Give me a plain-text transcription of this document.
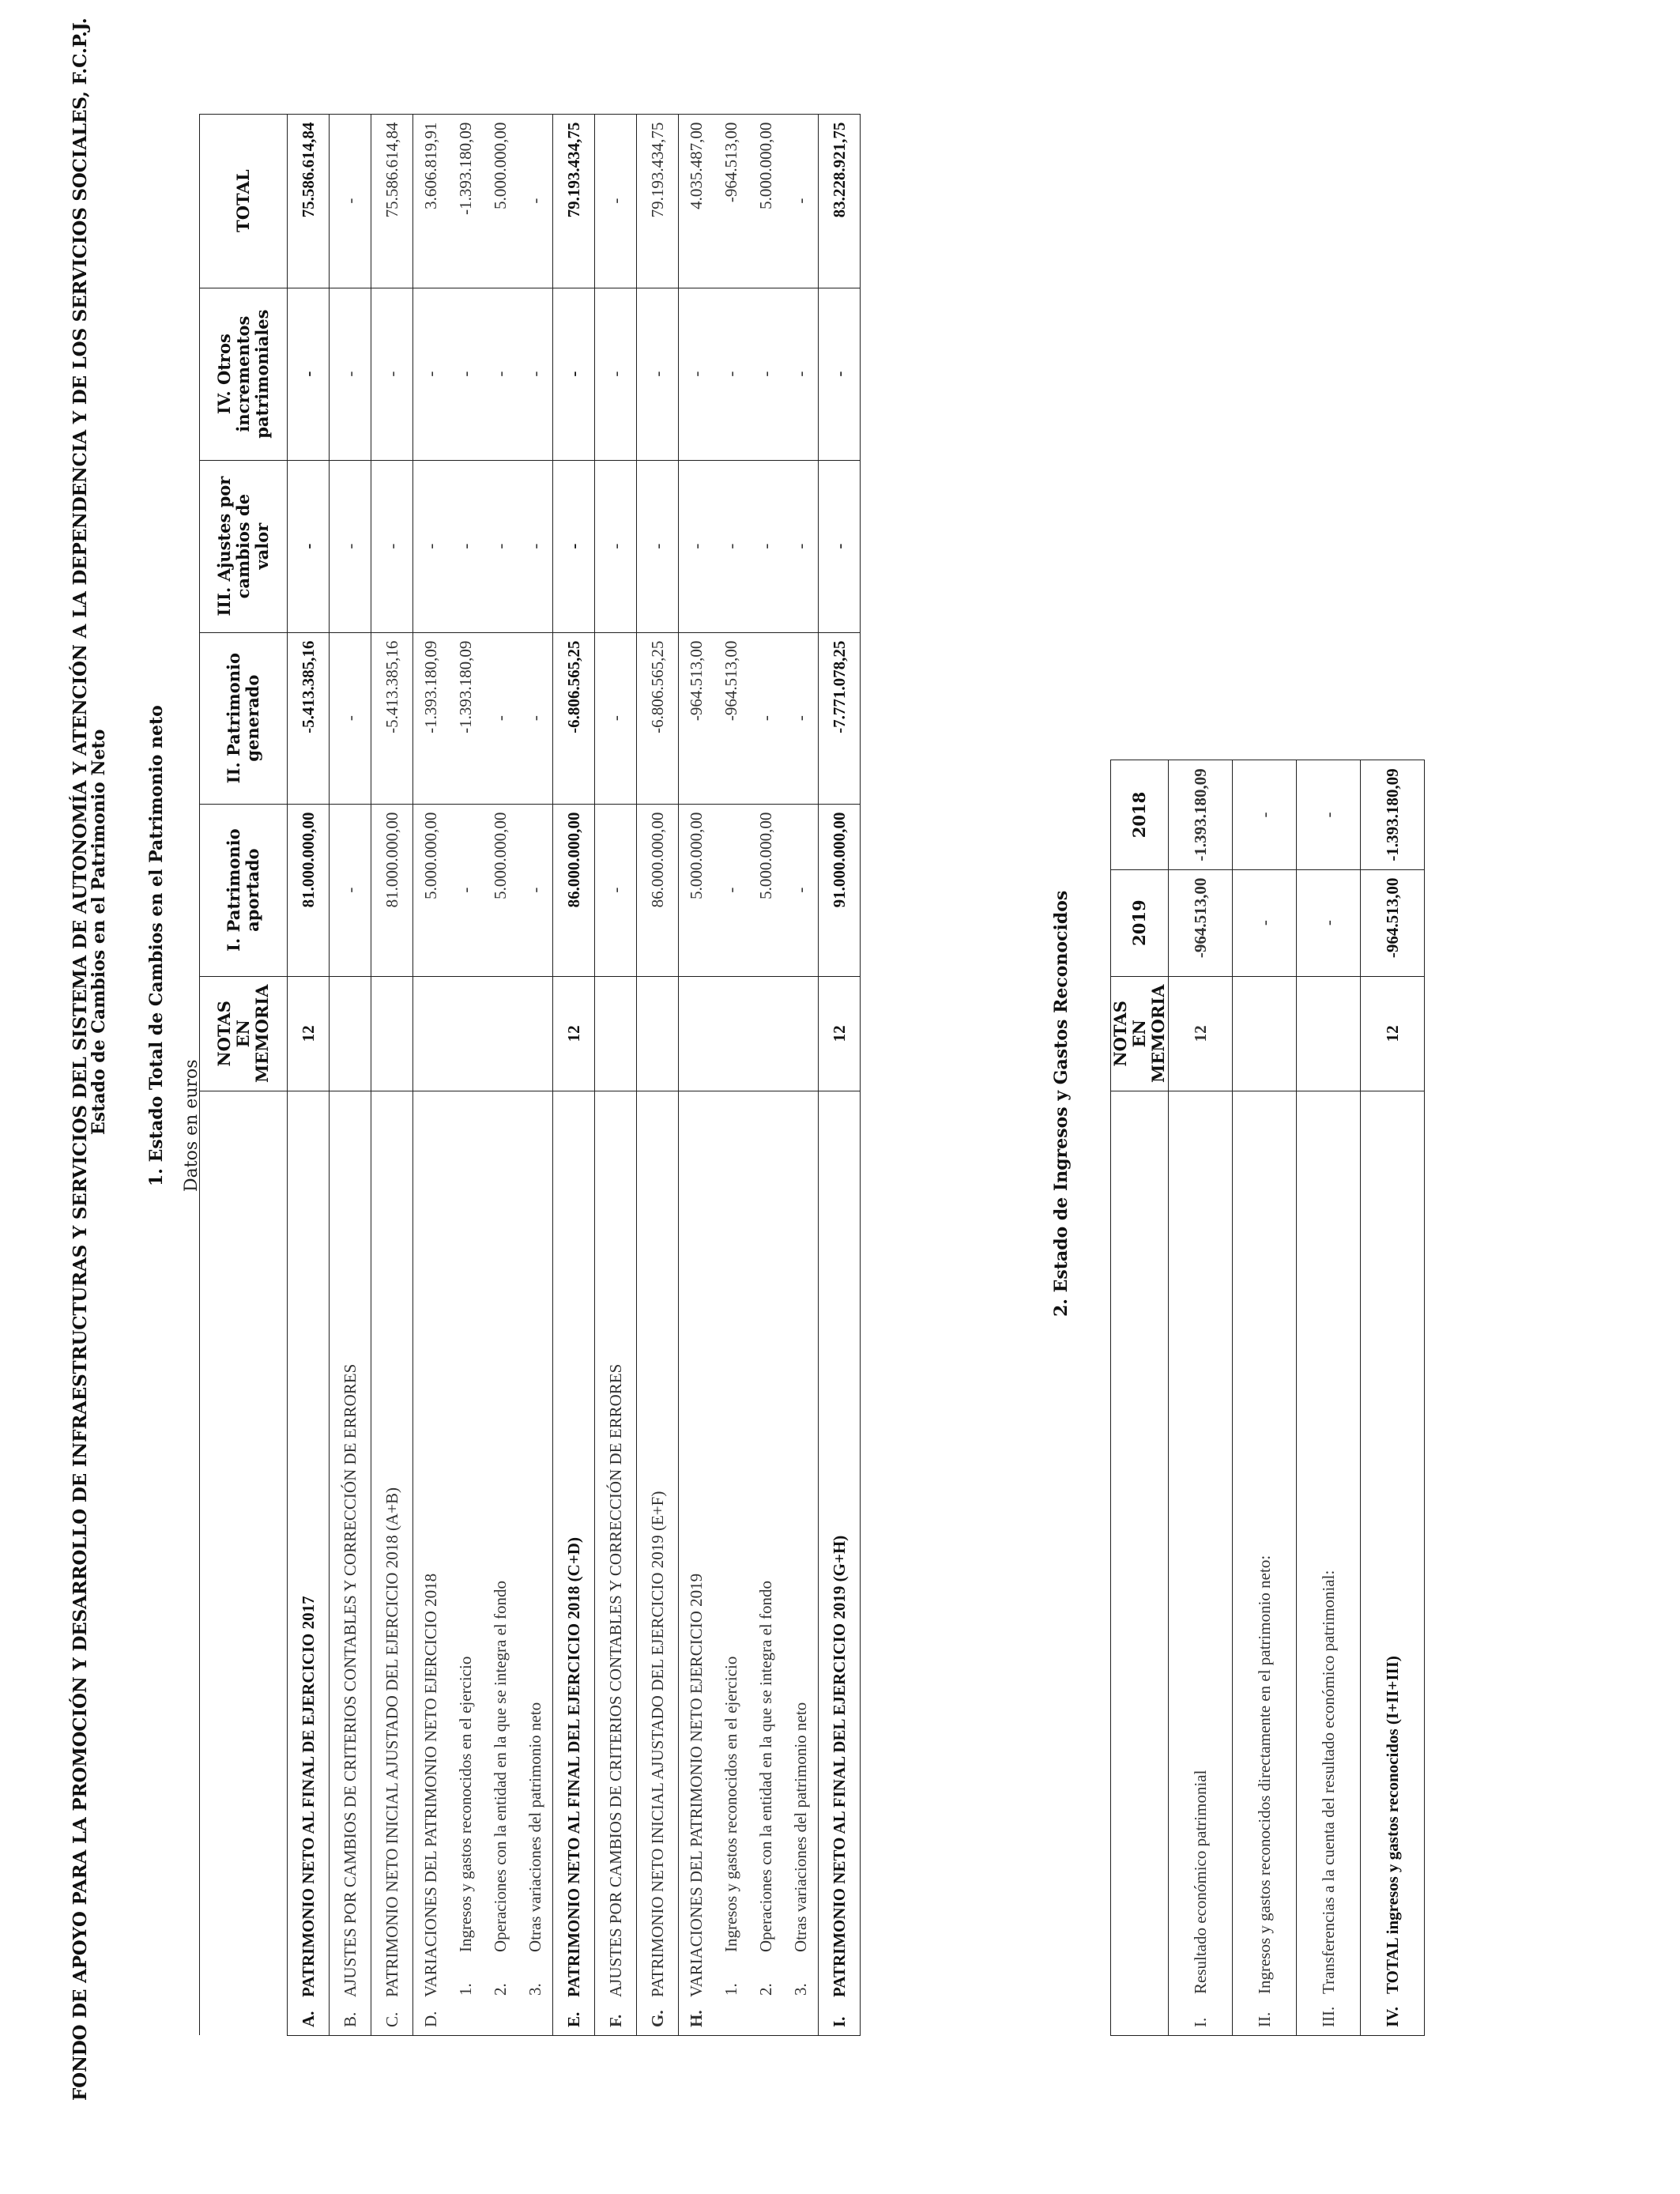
FONDO DE APOYO PARA LA PROMOCIÓN Y DESARROLLO DE INFRAESTRUCTURAS Y SERVICIOS DEL SISTEMA DE AUTONOMÍA Y ATENCIÓN A LA DEPENDENCIA Y DE LOS SERVICIOS SOCIALES, F.C.P.J.
Estado de Cambios en el Patrimonio Neto 1. Estado Total de Cambios en el Patrimonio neto Datos en euros
	NOTAS EN MEMORIA	I. Patrimonio aportado	II. Patrimonio generado	III. Ajustes por cambios de valor	IV. Otros incrementos patrimoniales	TOTAL
A.PATRIMONIO NETO AL FINAL DE EJERCICIO 2017	12	81.000.000,00	-5.413.385,16	-	-	75.586.614,84
B.AJUSTES POR CAMBIOS DE CRITERIOS CONTABLES Y CORRECCIÓN DE ERRORES		-	-	-	-	-
C.PATRIMONIO NETO INICIAL AJUSTADO DEL EJERCICIO 2018 (A+B)		81.000.000,00	-5.413.385,16	-	-	75.586.614,84
D.VARIACIONES DEL PATRIMONIO NETO EJERCICIO 2018		5.000.000,00	-1.393.180,09	-	-	3.606.819,91
1.Ingresos y gastos reconocidos en el ejercicio		-	-1.393.180,09	-	-	-1.393.180,09
2.Operaciones con la entidad en la que se integra el fondo		5.000.000,00	-	-	-	5.000.000,00
3.Otras variaciones del patrimonio neto		-	-	-	-	-
E.PATRIMONIO NETO AL FINAL DEL EJERCICIO 2018 (C+D)	12	86.000.000,00	-6.806.565,25	-	-	79.193.434,75
F.AJUSTES POR CAMBIOS DE CRITERIOS CONTABLES Y CORRECCIÓN DE ERRORES		-	-	-	-	-
G.PATRIMONIO NETO INICIAL AJUSTADO DEL EJERCICIO 2019 (E+F)		86.000.000,00	-6.806.565,25	-	-	79.193.434,75
H.VARIACIONES DEL PATRIMONIO NETO EJERCICIO 2019		5.000.000,00	-964.513,00	-	-	4.035.487,00
1.Ingresos y gastos reconocidos en el ejercicio		-	-964.513,00	-	-	-964.513,00
2.Operaciones con la entidad en la que se integra el fondo		5.000.000,00	-	-	-	5.000.000,00
3.Otras variaciones del patrimonio neto		-	-	-	-	-
I.PATRIMONIO NETO AL FINAL DEL EJERCICIO 2019 (G+H)	12	91.000.000,00	-7.771.078,25	-	-	83.228.921,75
2. Estado de Ingresos y Gastos Reconocidos
	NOTAS EN MEMORIA	2019	2018
I.Resultado económico patrimonial	12	-964.513,00	-1.393.180,09
II.Ingresos y gastos reconocidos directamente en el patrimonio neto:		-	-
III.Transferencias a la cuenta del resultado económico patrimonial:		-	-
IV.TOTAL ingresos y gastos reconocidos (I+II+III)	12	-964.513,00	-1.393.180,09
